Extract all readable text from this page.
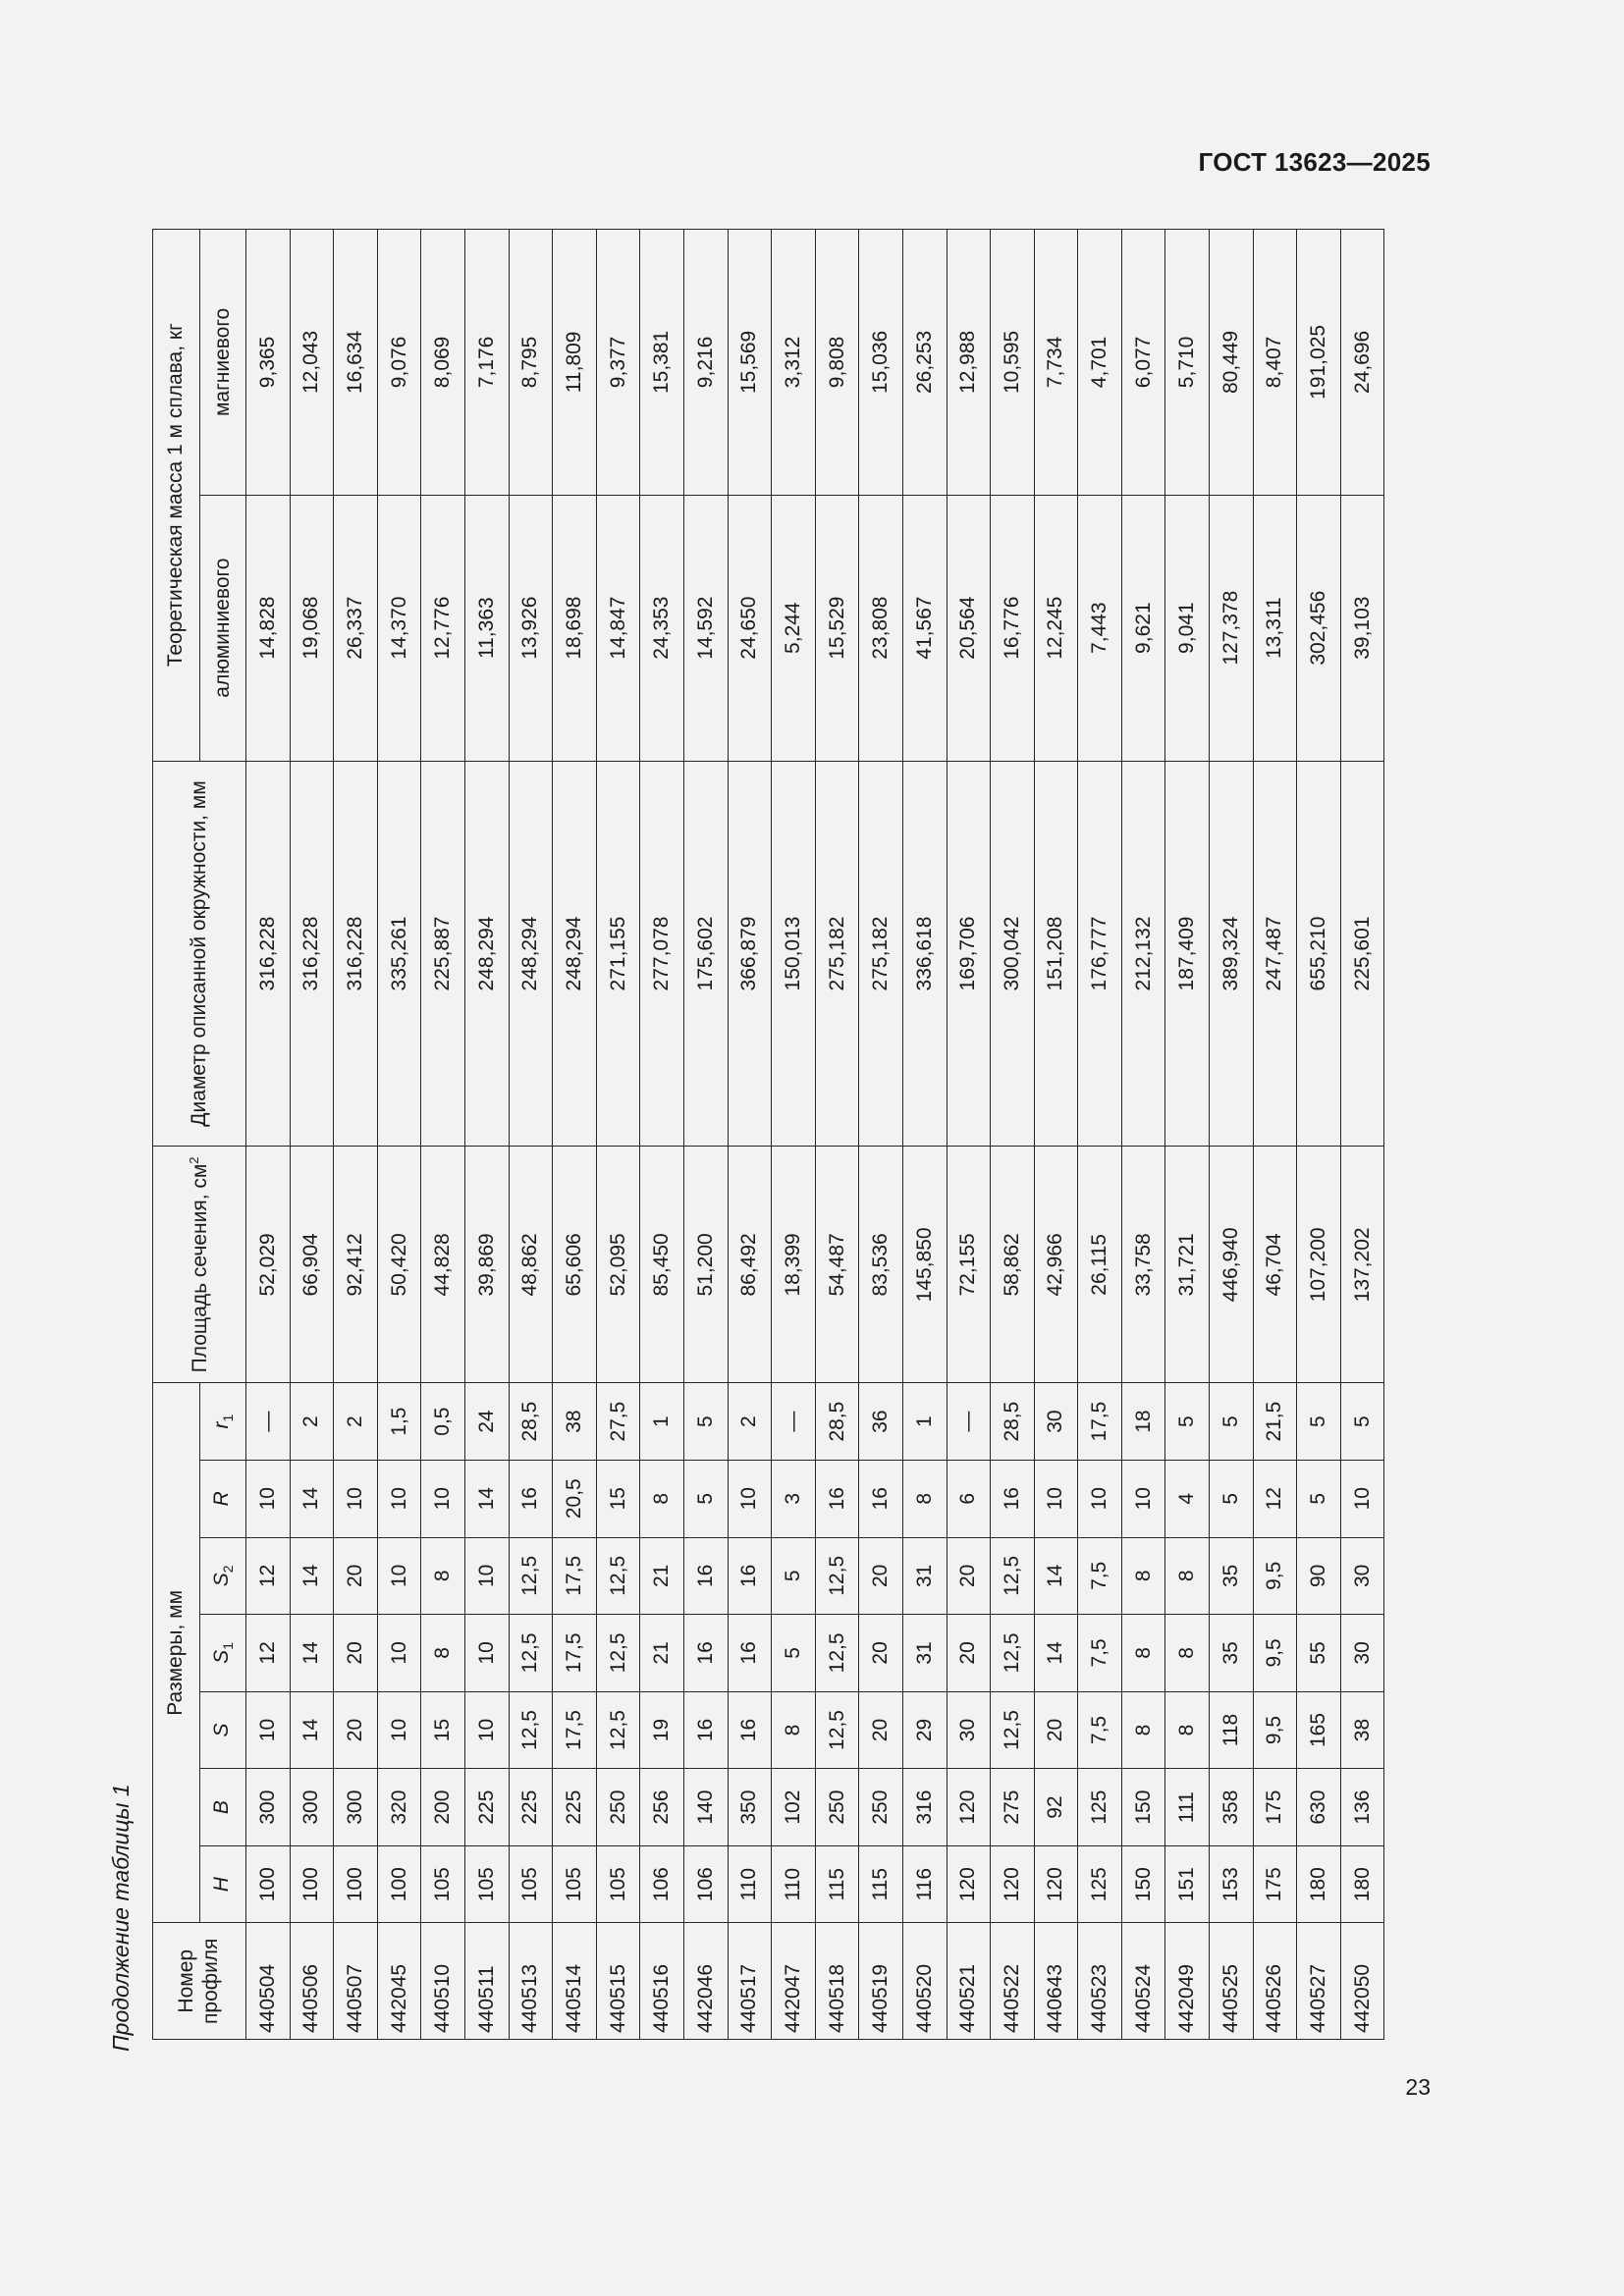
ГОСТ 13623—2025
Продолжение таблицы 1 Номер профиля	Размеры, мм							Площадь сечения, $см^2$	Диаметр описанной окружности, мм	Теоретическая масса 1 м сплава, кг	
	H	B	S	$S_1$	$S_2$	R	$r_1$			алюминиевого	магниевого

440504	100	300	10	12	12	10	—	52,029	316,228	14,828	9,365
440506	100	300	14	14	14	14	2	66,904	316,228	19,068	12,043
440507	100	300	20	20	20	10	2	92,412	316,228	26,337	16,634
442045	100	320	10	10	10	10	1,5	50,420	335,261	14,370	9,076
440510	105	200	15	8	8	10	0,5	44,828	225,887	12,776	8,069
440511	105	225	10	10	10	14	24	39,869	248,294	11,363	7,176
440513	105	225	12,5	12,5	12,5	16	28,5	48,862	248,294	13,926	8,795
440514	105	225	17,5	17,5	17,5	20,5	38	65,606	248,294	18,698	11,809
440515	105	250	12,5	12,5	12,5	15	27,5	52,095	271,155	14,847	9,377
440516	106	256	19	21	21	8	1	85,450	277,078	24,353	15,381
442046	106	140	16	16	16	5	5	51,200	175,602	14,592	9,216
440517	110	350	16	16	16	10	2	86,492	366,879	24,650	15,569
442047	110	102	8	5	5	3	—	18,399	150,013	5,244	3,312
440518	115	250	12,5	12,5	12,5	16	28,5	54,487	275,182	15,529	9,808
440519	115	250	20	20	20	16	36	83,536	275,182	23,808	15,036
440520	116	316	29	31	31	8	1	145,850	336,618	41,567	26,253
440521	120	120	30	20	20	6	—	72,155	169,706	20,564	12,988
440522	120	275	12,5	12,5	12,5	16	28,5	58,862	300,042	16,776	10,595
440643	120	92	20	14	14	10	30	42,966	151,208	12,245	7,734
440523	125	125	7,5	7,5	7,5	10	17,5	26,115	176,777	7,443	4,701
440524	150	150	8	8	8	10	18	33,758	212,132	9,621	6,077
442049	151	111	8	8	8	4	5	31,721	187,409	9,041	5,710
440525	153	358	118	35	35	5	5	446,940	389,324	127,378	80,449
440526	175	175	9,5	9,5	9,5	12	21,5	46,704	247,487	13,311	8,407
440527	180	630	165	55	90	5	5	107,200	655,210	302,456	191,025
442050	180	136	38	30	30	10	5	137,202	225,601	39,103	24,696
23
